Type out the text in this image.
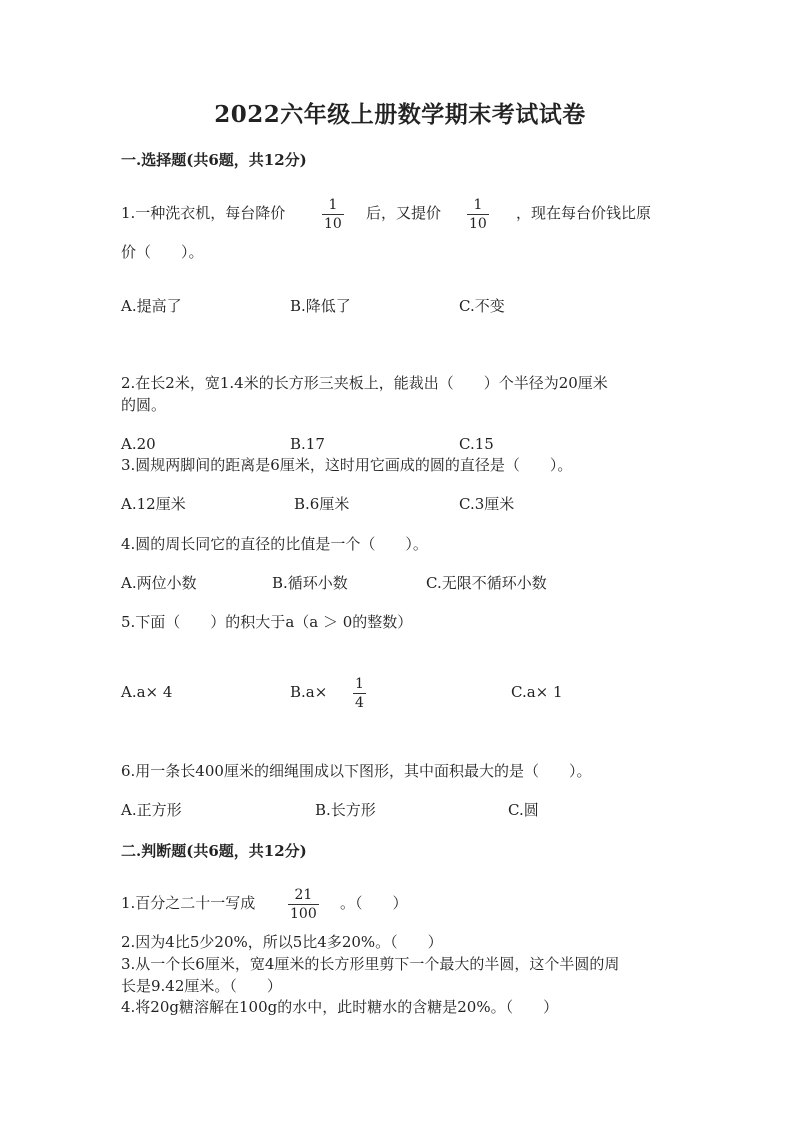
2022六年级上册数学期末考试试卷
一.选择题(共6题，共12分)
1.一种洗衣机，每台降价	1
10
后，又提价 1
10
，现在每台价钱比原
价（　　）。
A.提高了	B.降低了	C.不变
2.在长2米，宽1.4米的长方形三夹板上，能裁出（　　）个半径为20厘米
的圆。
A.20	B.17	C.15
3.圆规两脚间的距离是6厘米，这时用它画成的圆的直径是（　　）。
A.12厘米	B.6厘米	C.3厘米
4.圆的周长同它的直径的比值是一个（　　）。
A.两位小数	B.循环小数	C.无限不循环小数
5.下面（　　）的积大于a（a ＞ 0的整数）
A.a× 4	B.a× 1
4
C.a× 1
6.用一条长400厘米的细绳围成以下图形，其中面积最大的是（　　）。
A.正方形	B.长方形	C.圆
二.判断题(共6题，共12分)
1.百分之二十一写成	21
100
。（　　）
2.因为4比5少20%，所以5比4多20%。（　　）
3.从一个长6厘米，宽4厘米的长方形里剪下一个最大的半圆，这个半圆的周
长是9.42厘米。（　　）
4.将20g糖溶解在100g的水中，此时糖水的含糖是20%。（　　）
